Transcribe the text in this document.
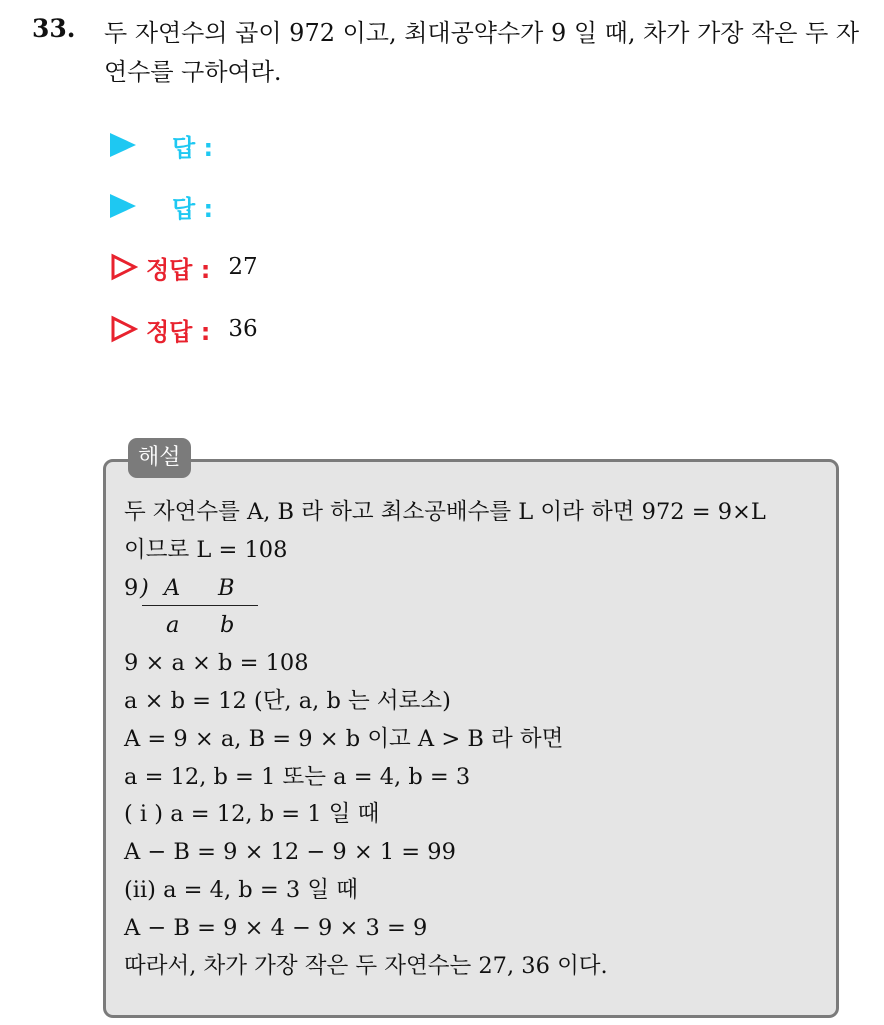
33. 두 자연수의 곱이 972 이고, 최대공약수가 9 일 때, 차가 가장 작은 두 자연수를 구하여라.
답 :
답 :
정답 : 27
정답 : 36
해설
두 자연수를 A, B 라 하고 최소공배수를 L 이라 하면 972 = 9×L
이므로 L = 108
9 ) A B
a b
9 × a × b = 108
a × b = 12 (단, a, b 는 서로소)
A = 9 × a, B = 9 × b 이고 A > B 라 하면
a = 12, b = 1 또는 a = 4, b = 3
( i ) a = 12, b = 1 일 때
A − B = 9 × 12 − 9 × 1 = 99
(ii) a = 4, b = 3 일 때
A − B = 9 × 4 − 9 × 3 = 9
따라서, 차가 가장 작은 두 자연수는 27, 36 이다.
